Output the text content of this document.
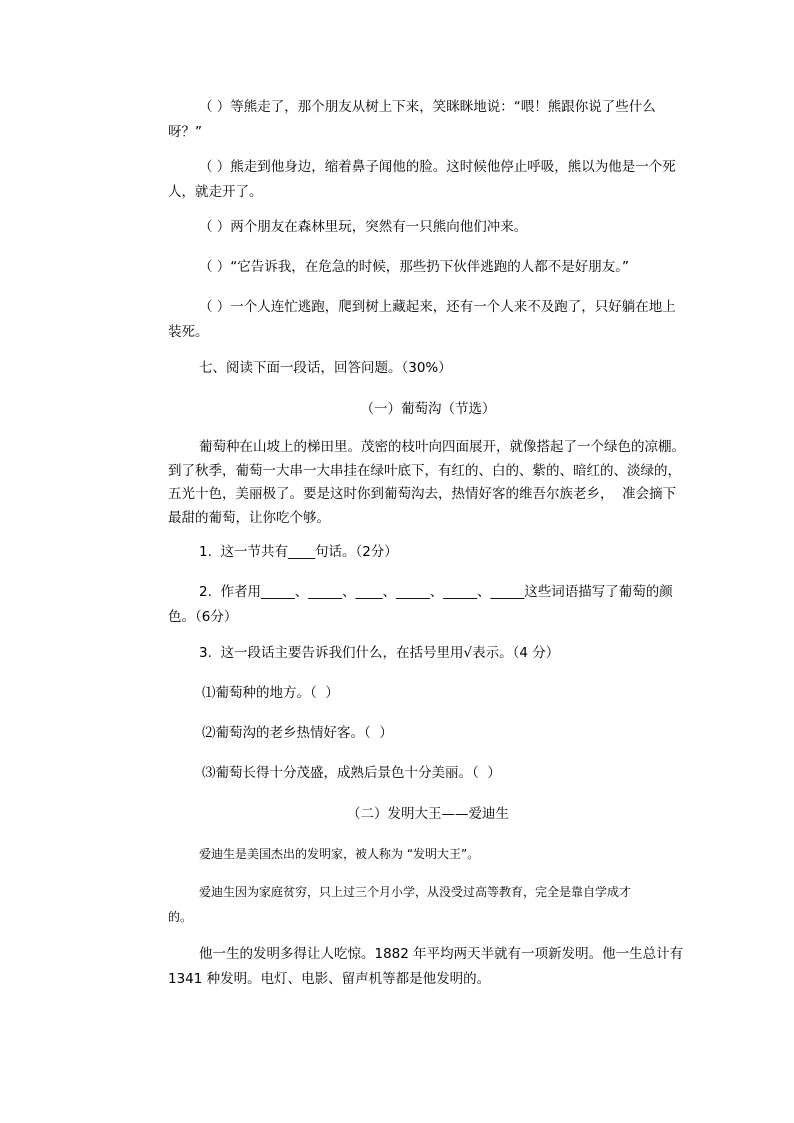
（ ）等熊走了，那个朋友从树上下来，笑眯眯地说：“喂！熊跟你说了些什么呀？”
（ ）熊走到他身边，缩着鼻子闻他的脸。这时候他停止呼吸，熊以为他是一个死人，就走开了。
（ ）两个朋友在森林里玩，突然有一只熊向他们冲来。
（ ）“它告诉我，在危急的时候，那些扔下伙伴逃跑的人都不是好朋友。”
（ ）一个人连忙逃跑，爬到树上藏起来，还有一个人来不及跑了，只好躺在地上装死。
七、阅读下面一段话，回答问题。（30%）
（一）葡萄沟（节选）
葡萄种在山坡上的梯田里。茂密的枝叶向四面展开，就像搭起了一个绿色的凉棚。到了秋季，葡萄一大串一大串挂在绿叶底下，有红的、白的、紫的、暗红的、淡绿的，五光十色，美丽极了。要是这时你到葡萄沟去，热情好客的维吾尔族老乡，  准会摘下最甜的葡萄，让你吃个够。
1.  这一节共有____句话。（2分）
2.  作者用_____、_____、____、_____、_____、_____这些词语描写了葡萄的颜色。（6分）
3.  这一段话主要告诉我们什么，在括号里用√表示。（4 分）
⑴葡萄种的地方。（  ）
⑵葡萄沟的老乡热情好客。（  ）
⑶葡萄长得十分茂盛，成熟后景色十分美丽。（  ）
（二）发明大王——爱迪生
爱迪生是美国杰出的发明家，被人称为 “发明大王”。
爱迪生因为家庭贫穷，只上过三个月小学，从没受过高等教育，完全是靠自学成才的。
他一生的发明多得让人吃惊。1882 年平均两天半就有一项新发明。他一生总计有 1341 种发明。电灯、电影、留声机等都是他发明的。
